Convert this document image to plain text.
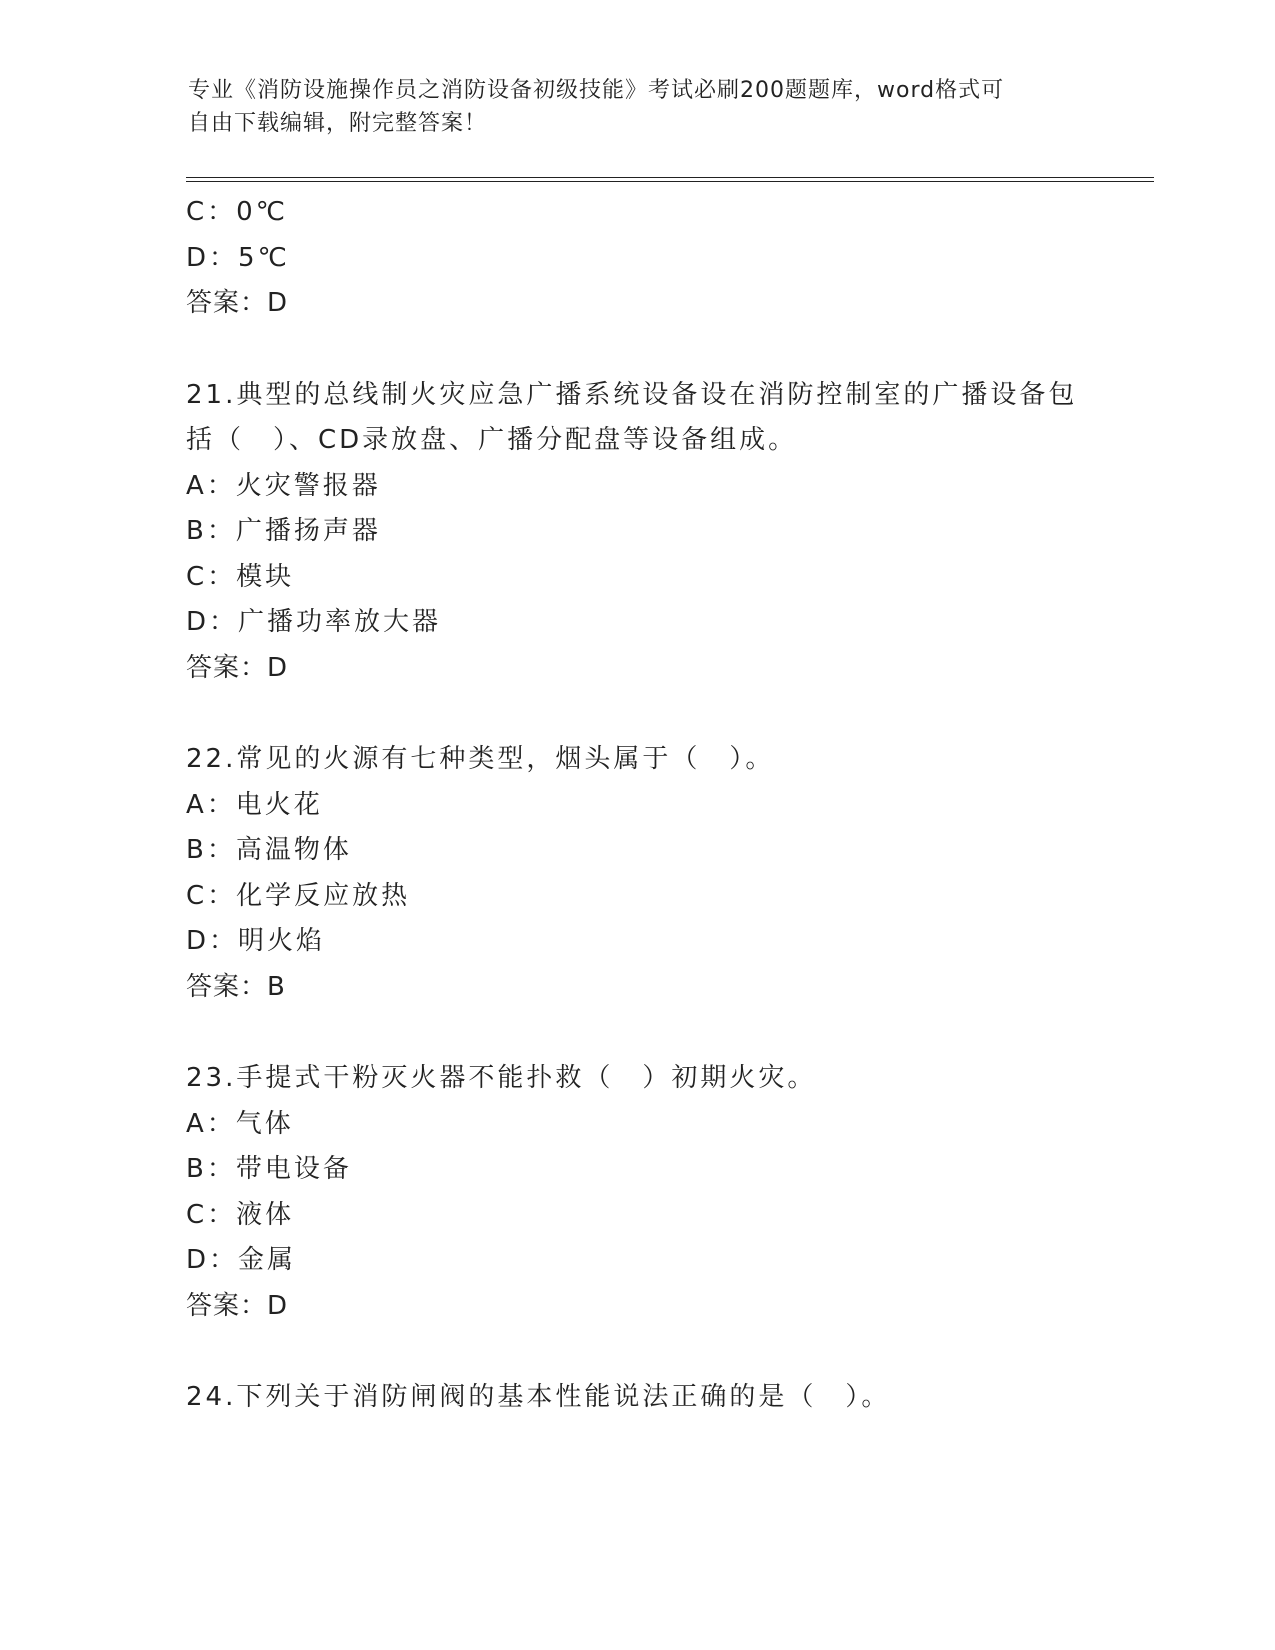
专业《消防设施操作员之消防设备初级技能》考试必刷200题题库，word格式可
自由下载编辑，附完整答案！
C：0℃
D：5℃
答案：D
21.典型的总线制火灾应急广播系统设备设在消防控制室的广播设备包
括（　）、CD录放盘、广播分配盘等设备组成。
A：火灾警报器
B：广播扬声器
C：模块
D：广播功率放大器
答案：D
22.常见的火源有七种类型，烟头属于（　）。
A：电火花
B：高温物体
C：化学反应放热
D：明火焰
答案：B
23.手提式干粉灭火器不能扑救（　）初期火灾。
A：气体
B：带电设备
C：液体
D：金属
答案：D
24.下列关于消防闸阀的基本性能说法正确的是（　）。
